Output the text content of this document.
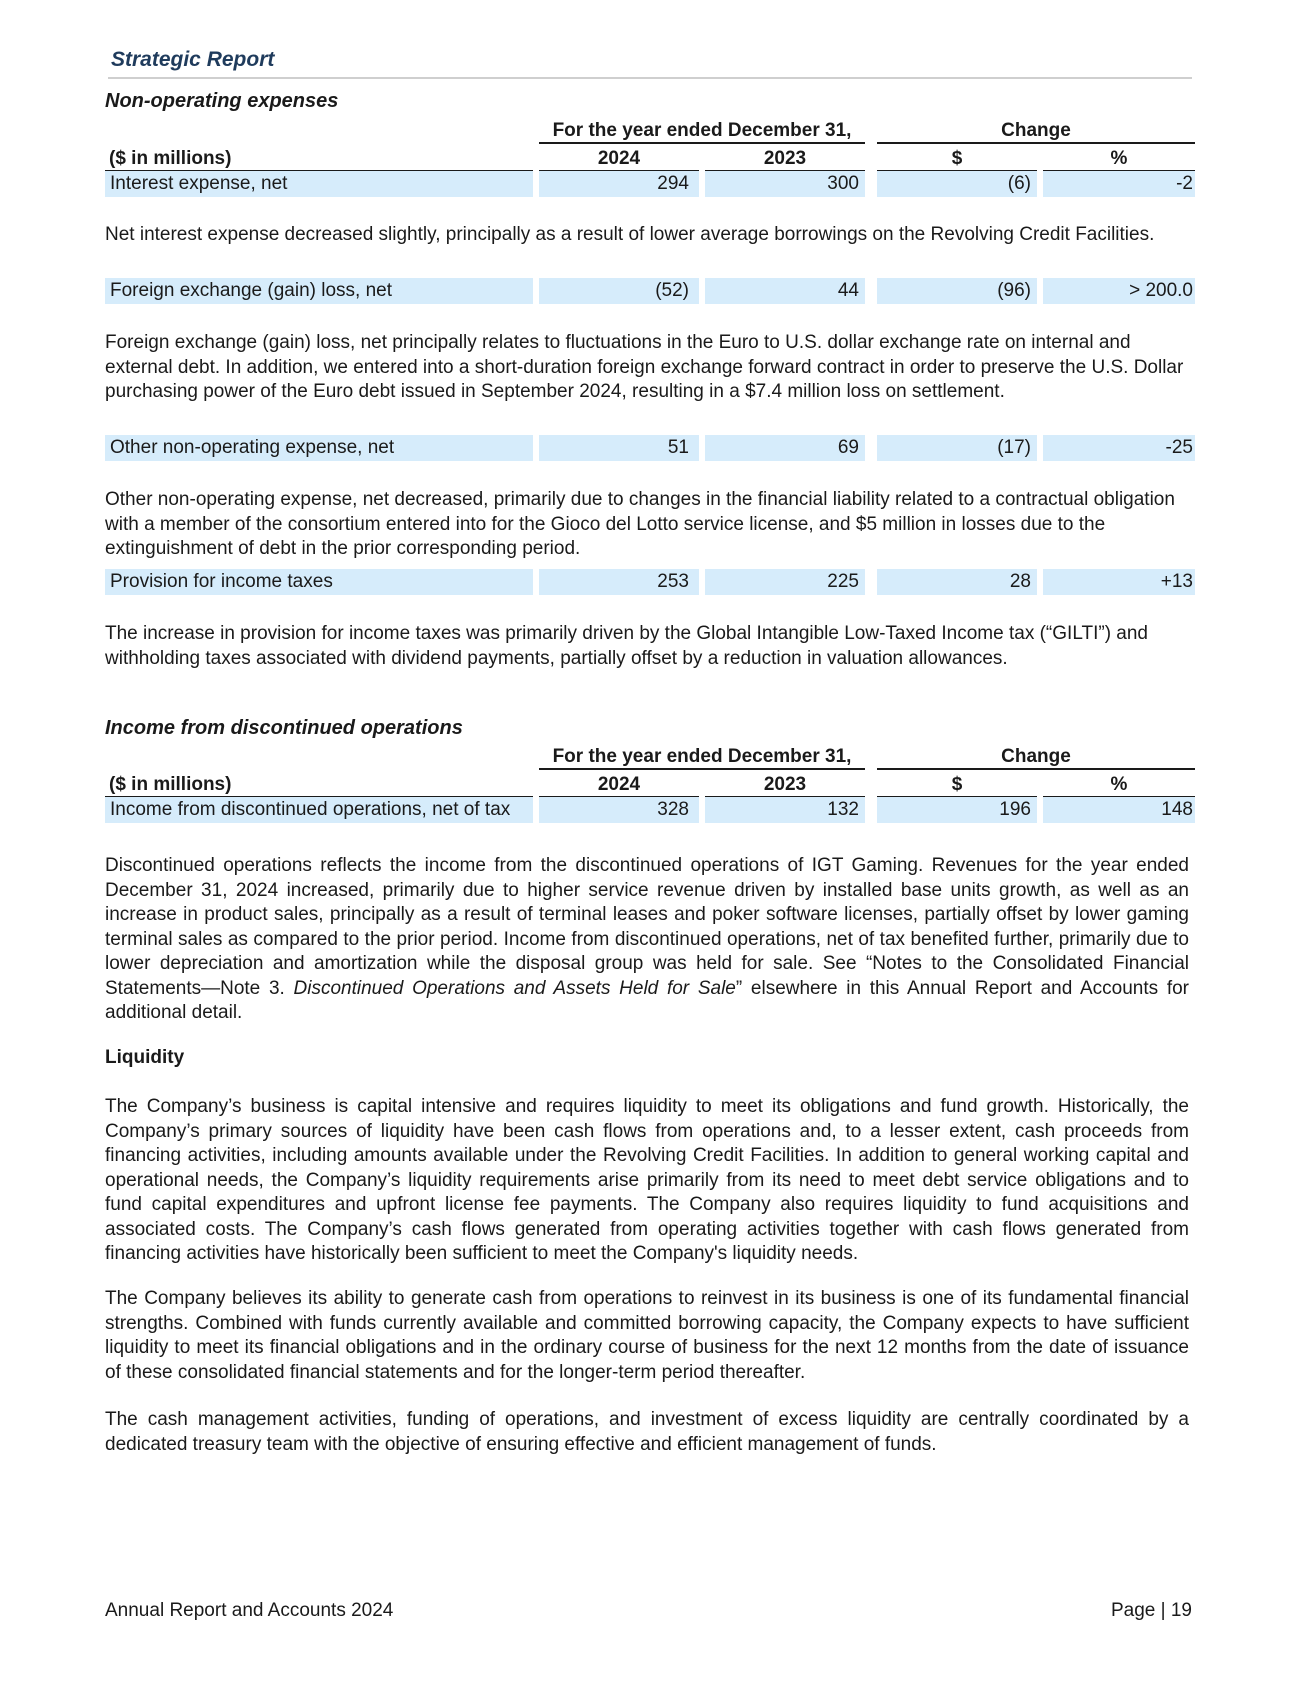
Strategic Report
Non-operating expenses
		For the year ended December 31,				Change		
($ in millions)		2024		2023		$		%
Interest expense, net	294	300	(6)	-2
Net interest expense decreased slightly, principally as a result of lower average borrowings on the Revolving Credit Facilities.
Foreign exchange (gain) loss, net	(52)	44	(96)	> 200.0
Foreign exchange (gain) loss, net principally relates to fluctuations in the Euro to U.S. dollar exchange rate on internal and external debt. In addition, we entered into a short-duration foreign exchange forward contract in order to preserve the U.S. Dollar purchasing power of the Euro debt issued in September 2024, resulting in a $7.4 million loss on settlement.
Other non-operating expense, net	51	69	(17)	-25
Other non-operating expense, net decreased, primarily due to changes in the financial liability related to a contractual obligation with a member of the consortium entered into for the Gioco del Lotto service license, and $5 million in losses due to the extinguishment of debt in the prior corresponding period.
Provision for income taxes	253	225	28	+13
The increase in provision for income taxes was primarily driven by the Global Intangible Low-Taxed Income tax (“GILTI”) and withholding taxes associated with dividend payments, partially offset by a reduction in valuation allowances.
Income from discontinued operations
		For the year ended December 31,				Change		
($ in millions)		2024		2023		$		%
Income from discontinued operations, net of tax	328	132	196	148
Discontinued operations reflects the income from the discontinued operations of IGT Gaming. Revenues for the year ended December 31, 2024 increased, primarily due to higher service revenue driven by installed base units growth, as well as an increase in product sales, principally as a result of terminal leases and poker software licenses, partially offset by lower gaming terminal sales as compared to the prior period. Income from discontinued operations, net of tax benefited further, primarily due to lower depreciation and amortization while the disposal group was held for sale. See “Notes to the Consolidated Financial Statements—Note 3. Discontinued Operations and Assets Held for Sale” elsewhere in this Annual Report and Accounts for additional detail.
Liquidity
The Company’s business is capital intensive and requires liquidity to meet its obligations and fund growth. Historically, the Company’s primary sources of liquidity have been cash flows from operations and, to a lesser extent, cash proceeds from financing activities, including amounts available under the Revolving Credit Facilities. In addition to general working capital and operational needs, the Company’s liquidity requirements arise primarily from its need to meet debt service obligations and to fund capital expenditures and upfront license fee payments. The Company also requires liquidity to fund acquisitions and associated costs. The Company’s cash flows generated from operating activities together with cash flows generated from financing activities have historically been sufficient to meet the Company's liquidity needs.
The Company believes its ability to generate cash from operations to reinvest in its business is one of its fundamental financial strengths. Combined with funds currently available and committed borrowing capacity, the Company expects to have sufficient liquidity to meet its financial obligations and in the ordinary course of business for the next 12 months from the date of issuance of these consolidated financial statements and for the longer-term period thereafter.
The cash management activities, funding of operations, and investment of excess liquidity are centrally coordinated by a dedicated treasury team with the objective of ensuring effective and efficient management of funds.
Annual Report and Accounts 2024	Page | 19
